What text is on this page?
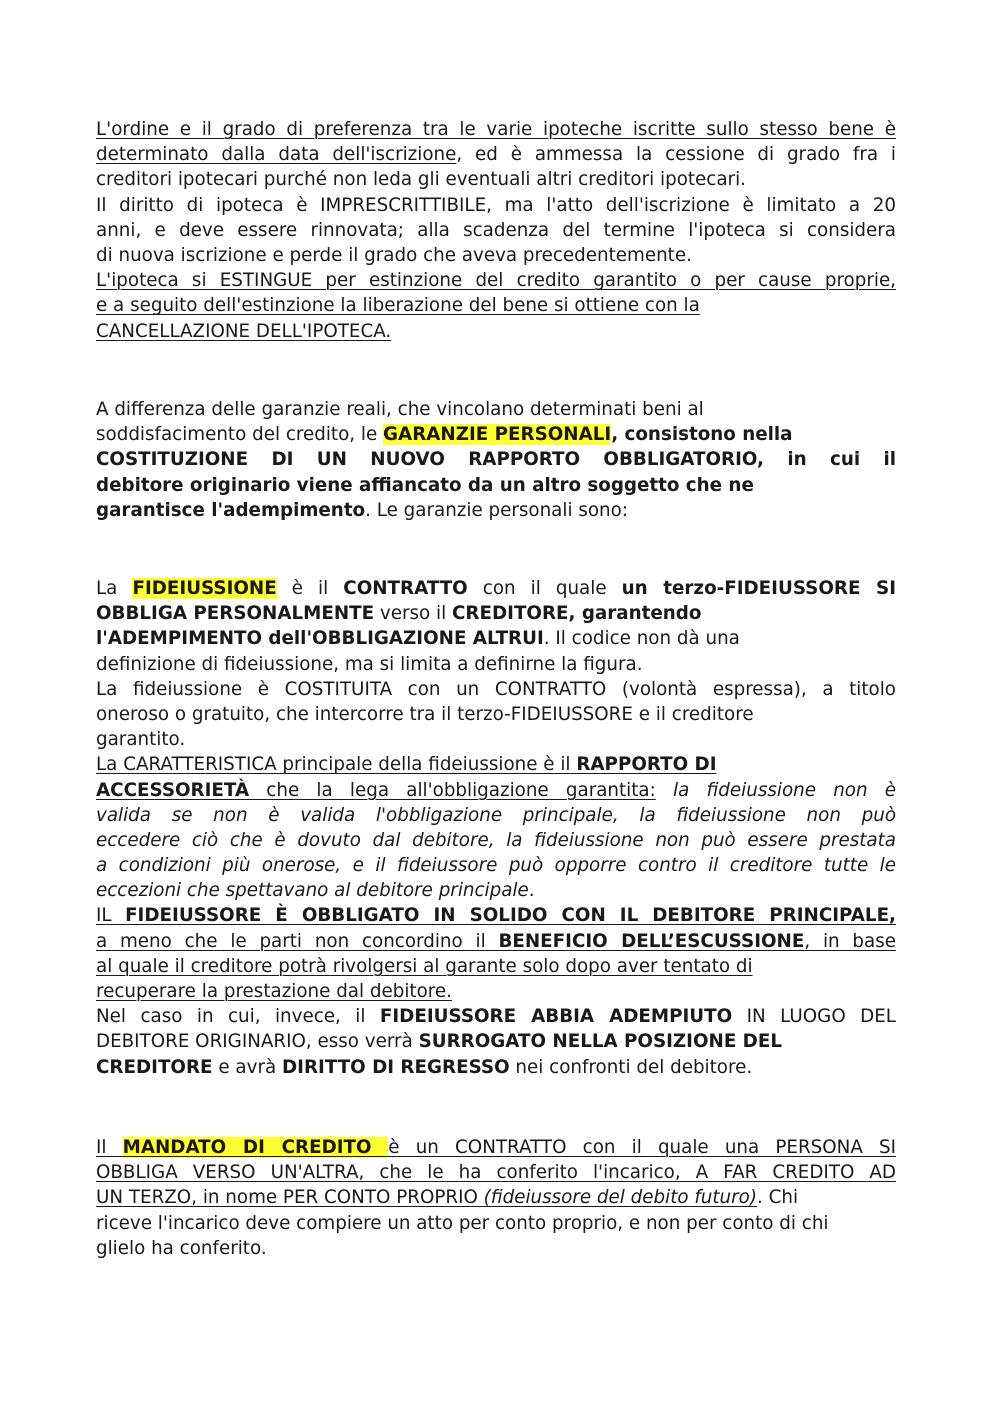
L'ordine e il grado di preferenza tra le varie ipoteche iscritte sullo stesso bene è
determinato dalla data dell'iscrizione, ed è ammessa la cessione di grado fra i
creditori ipotecari purché non leda gli eventuali altri creditori ipotecari.
Il diritto di ipoteca è IMPRESCRITTIBILE, ma l'atto dell'iscrizione è limitato a 20
anni, e deve essere rinnovata; alla scadenza del termine l'ipoteca si considera
di nuova iscrizione e perde il grado che aveva precedentemente.
L'ipoteca si ESTINGUE per estinzione del credito garantito o per cause proprie,
e a seguito dell'estinzione la liberazione del bene si ottiene con la
CANCELLAZIONE DELL'IPOTECA.
A differenza delle garanzie reali, che vincolano determinati beni al
soddisfacimento del credito, le GARANZIE PERSONALI, consistono nella
COSTITUZIONE DI UN NUOVO RAPPORTO OBBLIGATORIO, in cui il
debitore originario viene affiancato da un altro soggetto che ne
garantisce l'adempimento. Le garanzie personali sono:
La FIDEIUSSIONE è il CONTRATTO con il quale un terzo-FIDEIUSSORE SI
OBBLIGA PERSONALMENTE verso il CREDITORE, garantendo
l'ADEMPIMENTO dell'OBBLIGAZIONE ALTRUI. Il codice non dà una
definizione di fideiussione, ma si limita a definirne la figura.
La fideiussione è COSTITUITA con un CONTRATTO (volontà espressa), a titolo
oneroso o gratuito, che intercorre tra il terzo-FIDEIUSSORE e il creditore
garantito.
La CARATTERISTICA principale della fideiussione è il RAPPORTO DI
ACCESSORIETÀ che la lega all'obbligazione garantita: la fideiussione non è
valida se non è valida l'obbligazione principale, la fideiussione non può
eccedere ciò che è dovuto dal debitore, la fideiussione non può essere prestata
a condizioni più onerose, e il fideiussore può opporre contro il creditore tutte le
eccezioni che spettavano al debitore principale.
IL FIDEIUSSORE È OBBLIGATO IN SOLIDO CON IL DEBITORE PRINCIPALE,
a meno che le parti non concordino il BENEFICIO DELL’ESCUSSIONE, in base
al quale il creditore potrà rivolgersi al garante solo dopo aver tentato di
recuperare la prestazione dal debitore.
Nel caso in cui, invece, il FIDEIUSSORE ABBIA ADEMPIUTO IN LUOGO DEL
DEBITORE ORIGINARIO, esso verrà SURROGATO NELLA POSIZIONE DEL
CREDITORE e avrà DIRITTO DI REGRESSO nei confronti del debitore.
Il MANDATO DI CREDITO è un CONTRATTO con il quale una PERSONA SI
OBBLIGA VERSO UN'ALTRA, che le ha conferito l'incarico, A FAR CREDITO AD
UN TERZO, in nome PER CONTO PROPRIO (fideiussore del debito futuro). Chi
riceve l'incarico deve compiere un atto per conto proprio, e non per conto di chi
glielo ha conferito.
